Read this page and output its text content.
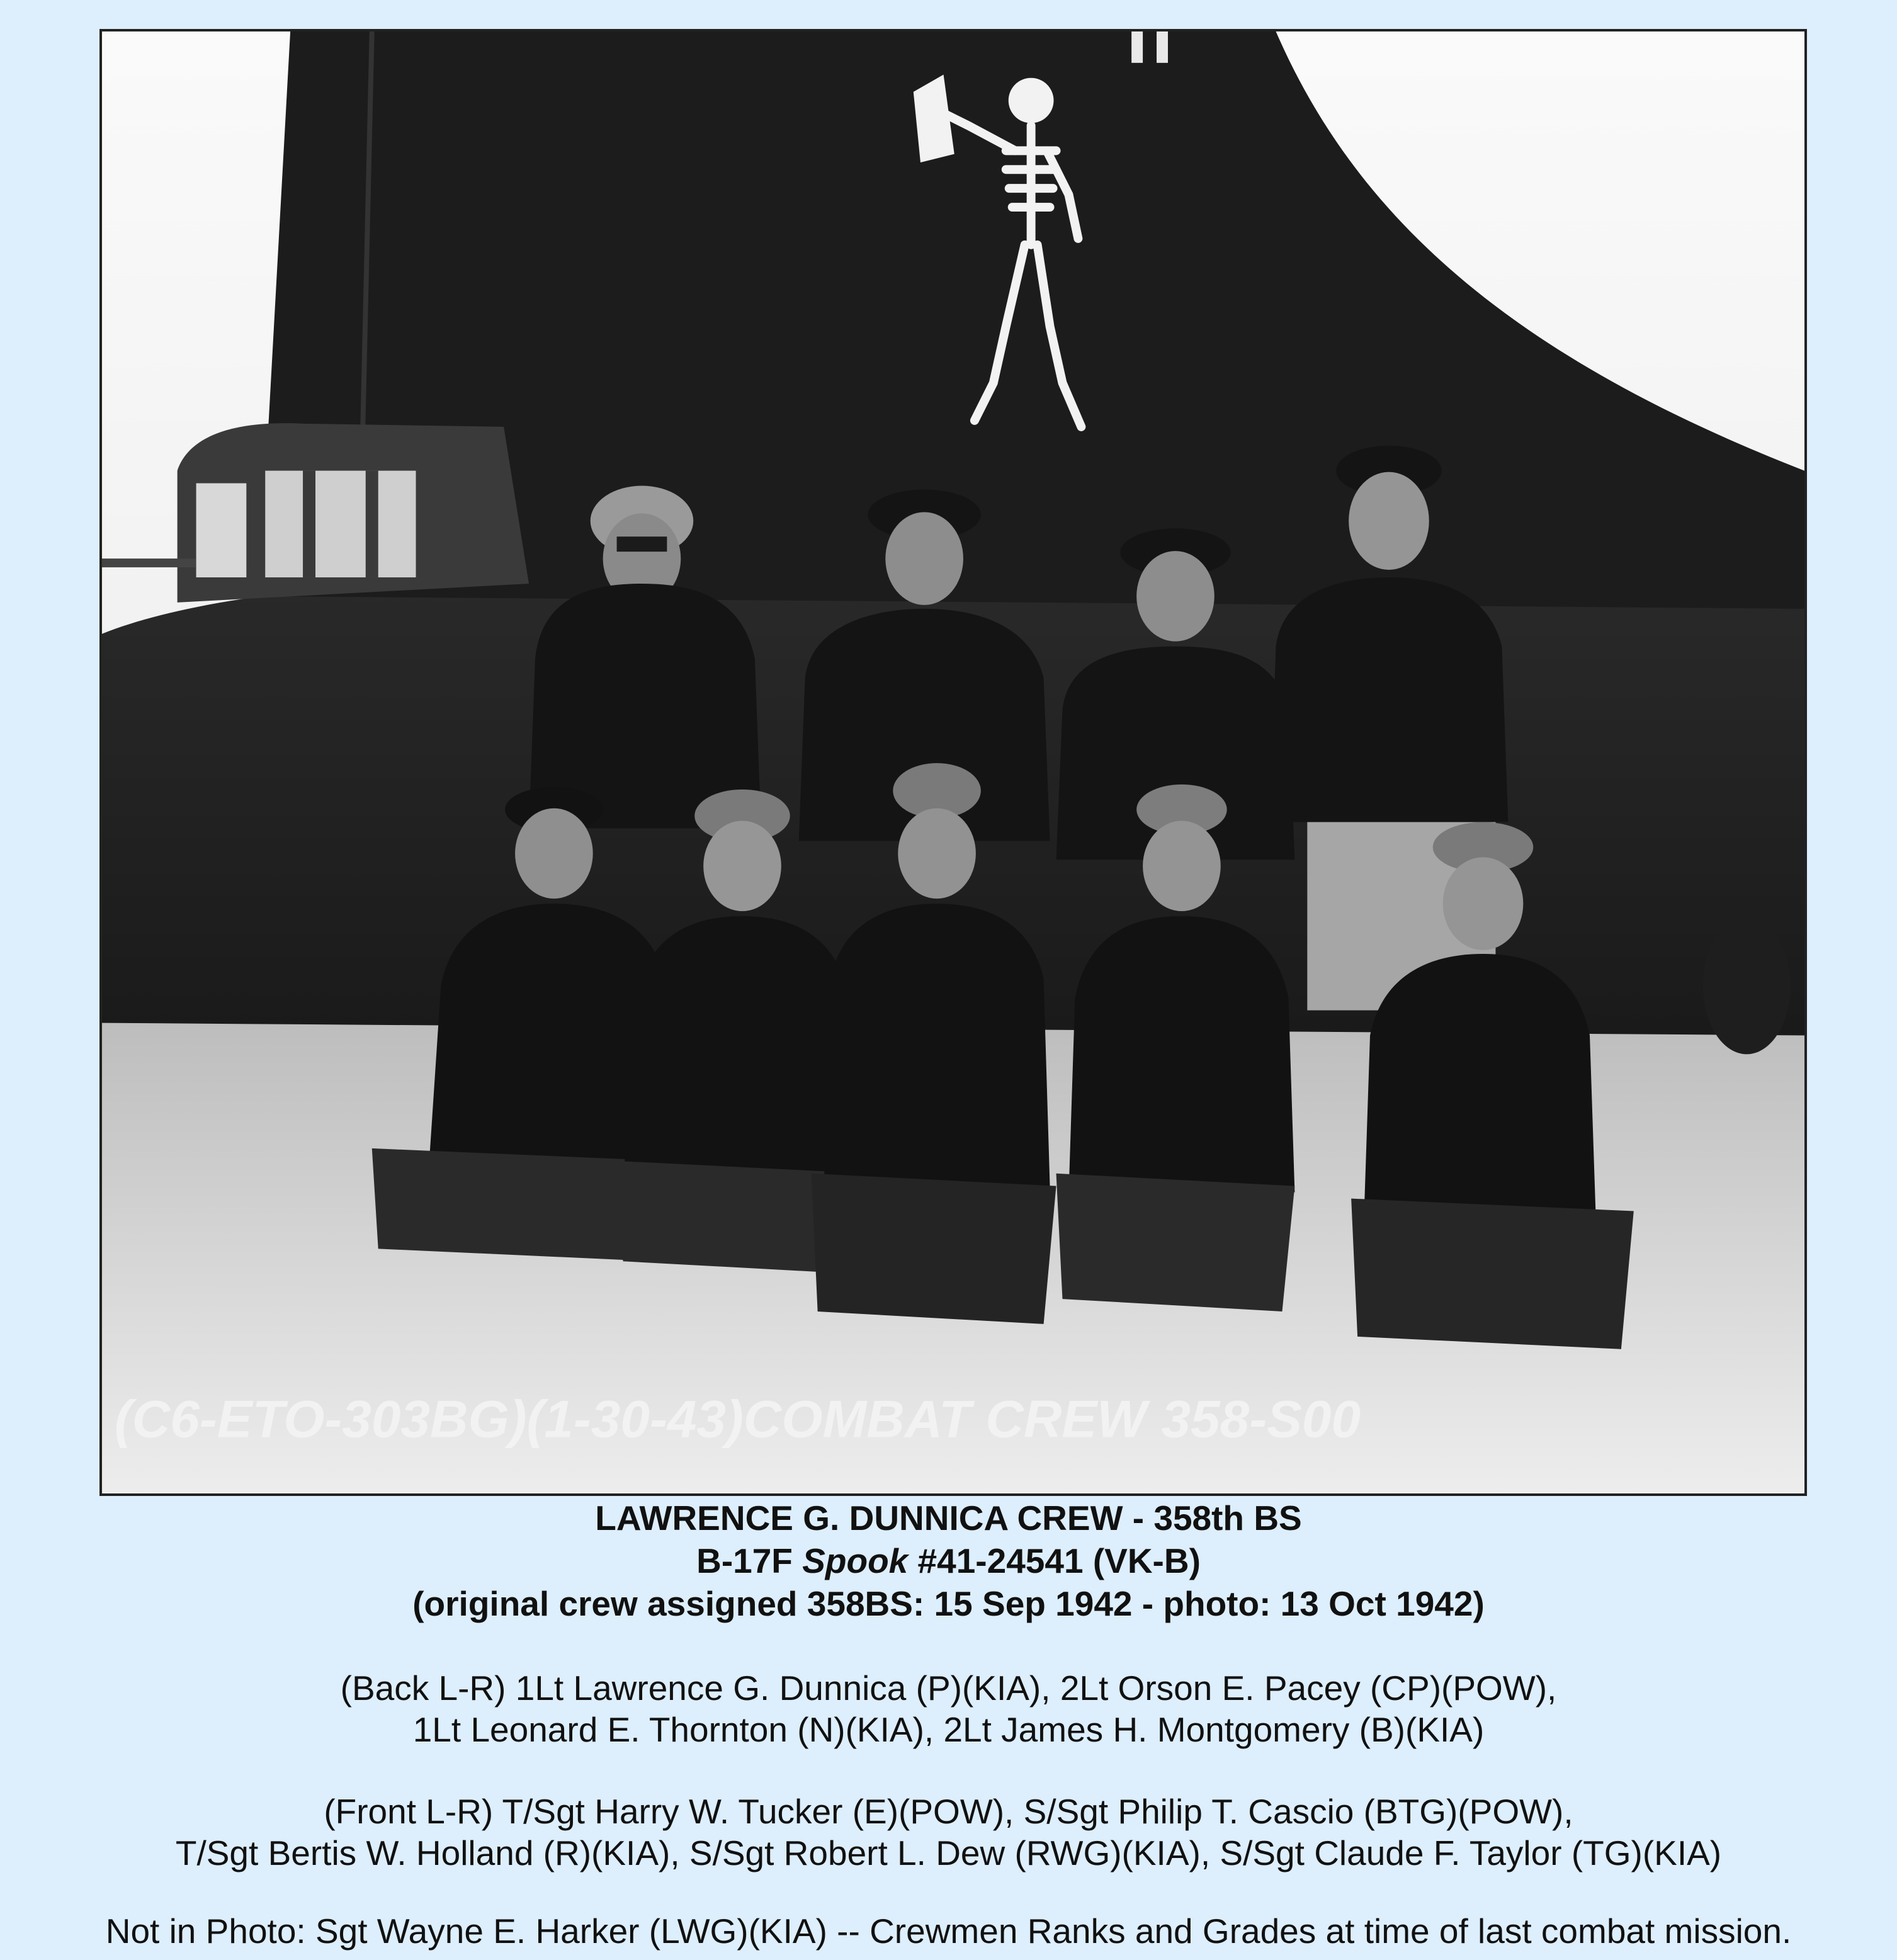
(C6-ETO-303BG)(1-30-43)COMBAT CREW 358-S00
LAWRENCE G. DUNNICA CREW - 358th BS
B-17F Spook #41-24541 (VK-B)
(original crew assigned 358BS: 15 Sep 1942 - photo: 13 Oct 1942)
(Back L-R) 1Lt Lawrence G. Dunnica (P)(KIA), 2Lt Orson E. Pacey (CP)(POW),
1Lt Leonard E. Thornton (N)(KIA), 2Lt James H. Montgomery (B)(KIA)
(Front L-R) T/Sgt Harry W. Tucker (E)(POW), S/Sgt Philip T. Cascio (BTG)(POW),
T/Sgt Bertis W. Holland (R)(KIA), S/Sgt Robert L. Dew (RWG)(KIA), S/Sgt Claude F. Taylor (TG)(KIA)
Not in Photo: Sgt Wayne E. Harker (LWG)(KIA) -- Crewmen Ranks and Grades at time of last combat mission.
